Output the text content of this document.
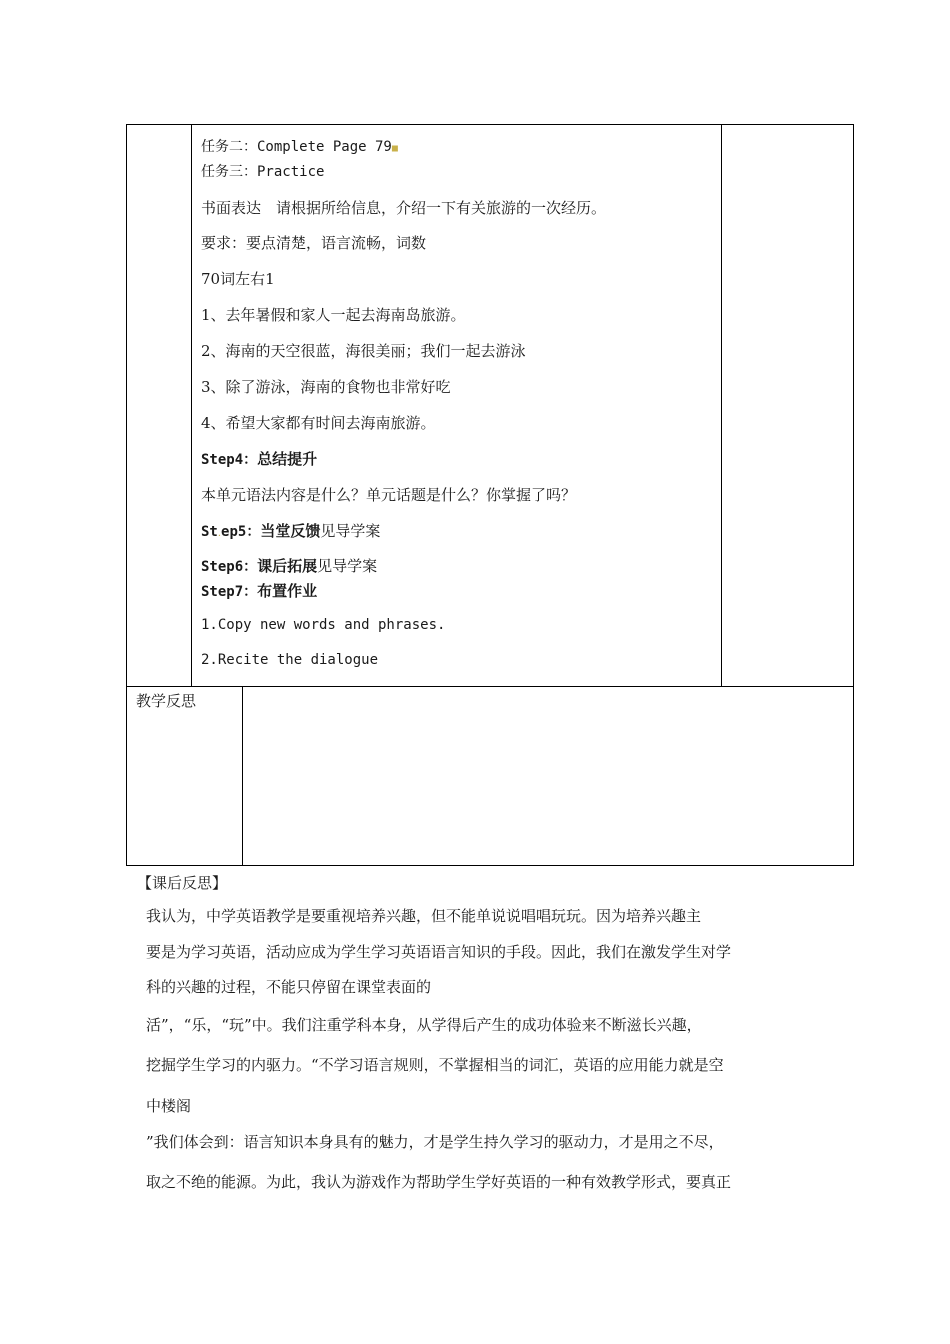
任务二：Complete Page 79■
任务三：Practice
书面表达　请根据所给信息，介绍一下有关旅游的一次经历。
要求：要点清楚，语言流畅，词数
70词左右1
1、去年暑假和家人一起去海南岛旅游。
2、海南的天空很蓝，海很美丽；我们一起去游泳
3、除了游泳，海南的食物也非常好吃
4、希望大家都有时间去海南旅游。
Step4：总结提升
本单元语法内容是什么？单元话题是什么？你掌握了吗？
St.ep5：当堂反馈见导学案
Step6：课后拓展见导学案
Step7：布置作业
1.Copy new words and phrases.
2.Recite the dialogue
教学反思
【课后反思】
我认为，中学英语教学是要重视培养兴趣，但不能单说说唱唱玩玩。因为培养兴趣主
要是为学习英语，活动应成为学生学习英语语言知识的手段。因此，我们在激发学生对学
科的兴趣的过程，不能只停留在课堂表面的
活”，“乐，“玩”中。我们注重学科本身，从学得后产生的成功体验来不断滋长兴趣，
挖掘学生学习的内驱力。“不学习语言规则，不掌握相当的词汇，英语的应用能力就是空
中楼阁
”我们体会到：语言知识本身具有的魅力，才是学生持久学习的驱动力，才是用之不尽，
取之不绝的能源。为此，我认为游戏作为帮助学生学好英语的一种有效教学形式，要真正
